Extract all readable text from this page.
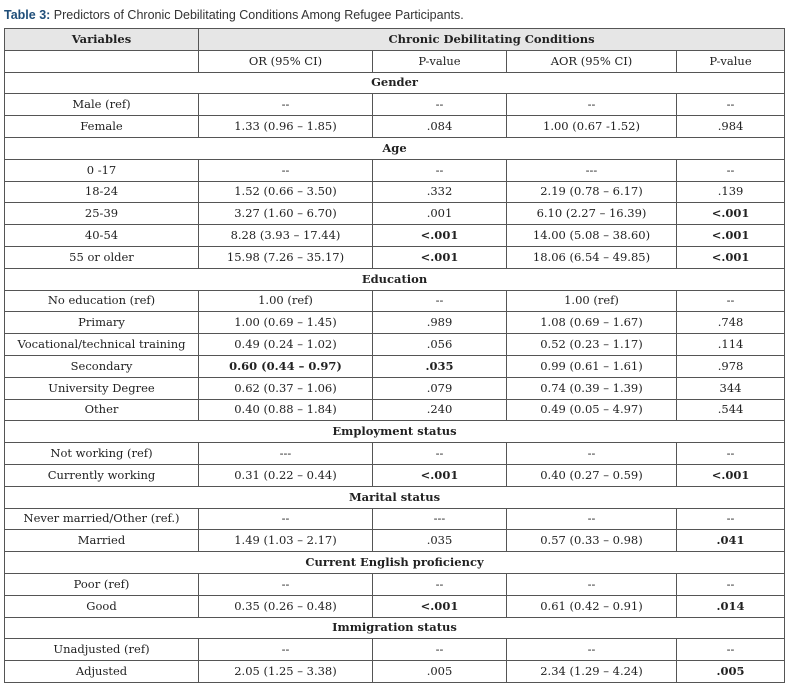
Table 3: Predictors of Chronic Debilitating Conditions Among Refugee Participants.
Variables	Chronic Debilitating Conditions			
	OR (95% CI)	P-value	AOR (95% CI)	P-value
Gender				
Male (ref)	--	--	--	--
Female	1.33 (0.96 – 1.85)	.084	1.00 (0.67 -1.52)	.984
Age				
0 -17	--	--	---	--
18-24	1.52 (0.66 – 3.50)	.332	2.19 (0.78 – 6.17)	.139
25-39	3.27 (1.60 – 6.70)	.001	6.10 (2.27 – 16.39)	<.001
40-54	8.28 (3.93 – 17.44)	<.001	14.00 (5.08 – 38.60)	<.001
55 or older	15.98 (7.26 – 35.17)	<.001	18.06 (6.54 – 49.85)	<.001
Education				
No education (ref)	1.00 (ref)	--	1.00 (ref)	--
Primary	1.00 (0.69 – 1.45)	.989	1.08 (0.69 – 1.67)	.748
Vocational/technical training	0.49 (0.24 – 1.02)	.056	0.52 (0.23 – 1.17)	.114
Secondary	0.60 (0.44 – 0.97)	.035	0.99 (0.61 – 1.61)	.978
University Degree	0.62 (0.37 – 1.06)	.079	0.74 (0.39 – 1.39)	344
Other	0.40 (0.88 – 1.84)	.240	0.49 (0.05 – 4.97)	.544
Employment status				
Not working (ref)	---	--	--	--
Currently working	0.31 (0.22 – 0.44)	<.001	0.40 (0.27 – 0.59)	<.001
Marital status				
Never married/Other (ref.)	--	---	--	--
Married	1.49 (1.03 – 2.17)	.035	0.57 (0.33 – 0.98)	.041
Current English proficiency				
Poor (ref)	--	--	--	--
Good	0.35 (0.26 – 0.48)	<.001	0.61 (0.42 – 0.91)	.014
Immigration status				
Unadjusted (ref)	--	--	--	--
Adjusted	2.05 (1.25 – 3.38)	.005	2.34 (1.29 – 4.24)	.005
